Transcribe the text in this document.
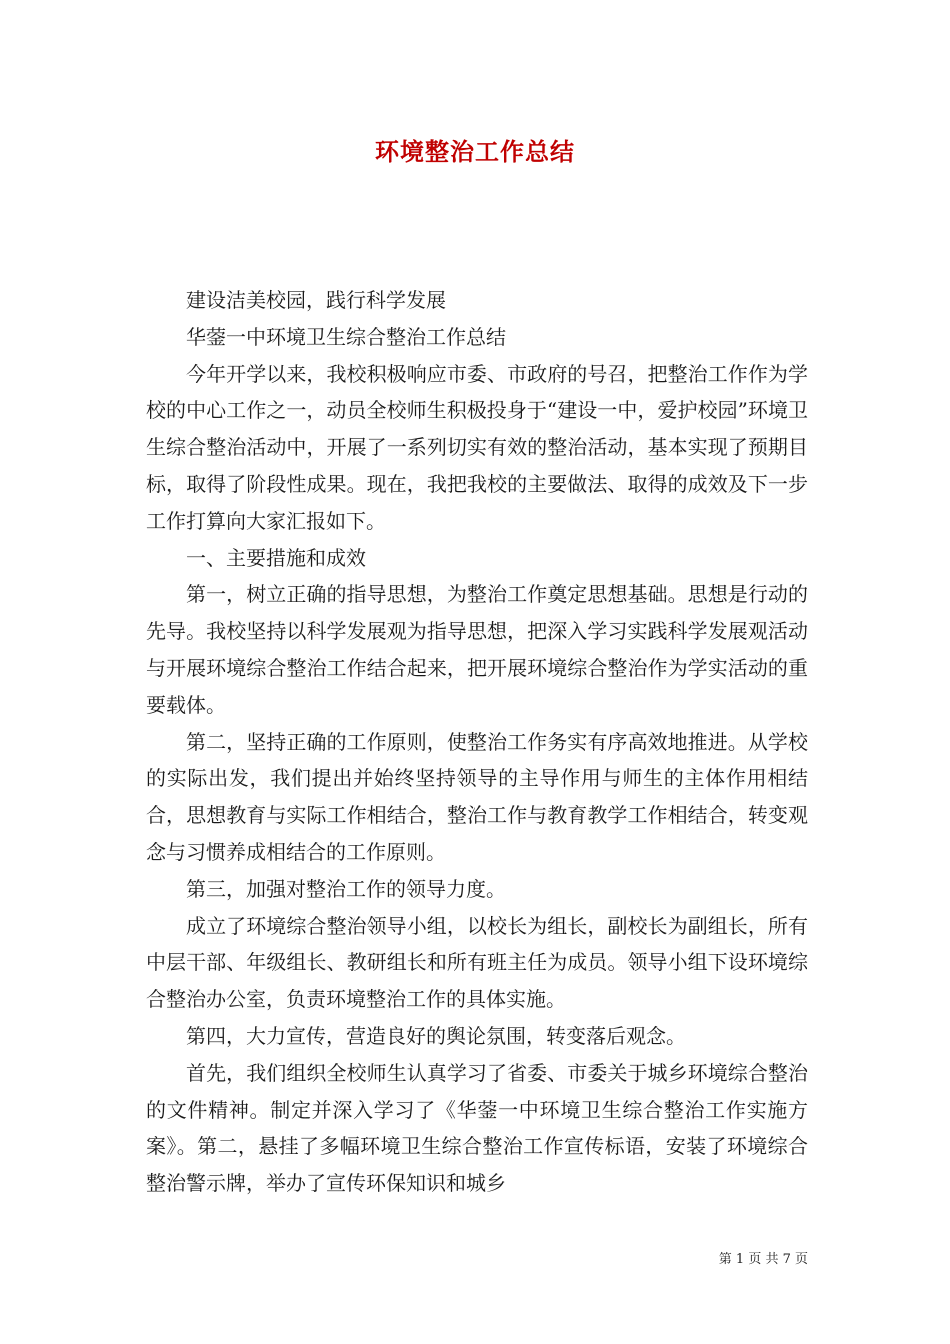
环境整治工作总结

建设洁美校园，践行科学发展

华蓥一中环境卫生综合整治工作总结

今年开学以来，我校积极响应市委、市政府的号召，把整治工作作为学校的中心工作之一，动员全校师生积极投身于“建设一中，爱护校园”环境卫生综合整治活动中，开展了一系列切实有效的整治活动，基本实现了预期目标，取得了阶段性成果。现在，我把我校的主要做法、取得的成效及下一步工作打算向大家汇报如下。

一、主要措施和成效

第一，树立正确的指导思想，为整治工作奠定思想基础。思想是行动的先导。我校坚持以科学发展观为指导思想，把深入学习实践科学发展观活动与开展环境综合整治工作结合起来，把开展环境综合整治作为学实活动的重要载体。

第二，坚持正确的工作原则，使整治工作务实有序高效地推进。从学校的实际出发，我们提出并始终坚持领导的主导作用与师生的主体作用相结合，思想教育与实际工作相结合，整治工作与教育教学工作相结合，转变观念与习惯养成相结合的工作原则。

第三，加强对整治工作的领导力度。

成立了环境综合整治领导小组，以校长为组长，副校长为副组长，所有中层干部、年级组长、教研组长和所有班主任为成员。领导小组下设环境综合整治办公室，负责环境整治工作的具体实施。

第四，大力宣传，营造良好的舆论氛围，转变落后观念。

首先，我们组织全校师生认真学习了省委、市委关于城乡环境综合整治的文件精神。制定并深入学习了《华蓥一中环境卫生综合整治工作实施方案》。第二，悬挂了多幅环境卫生综合整治工作宣传标语，安装了环境综合整治警示牌，举办了宣传环保知识和城乡

第 1 页 共 7 页
